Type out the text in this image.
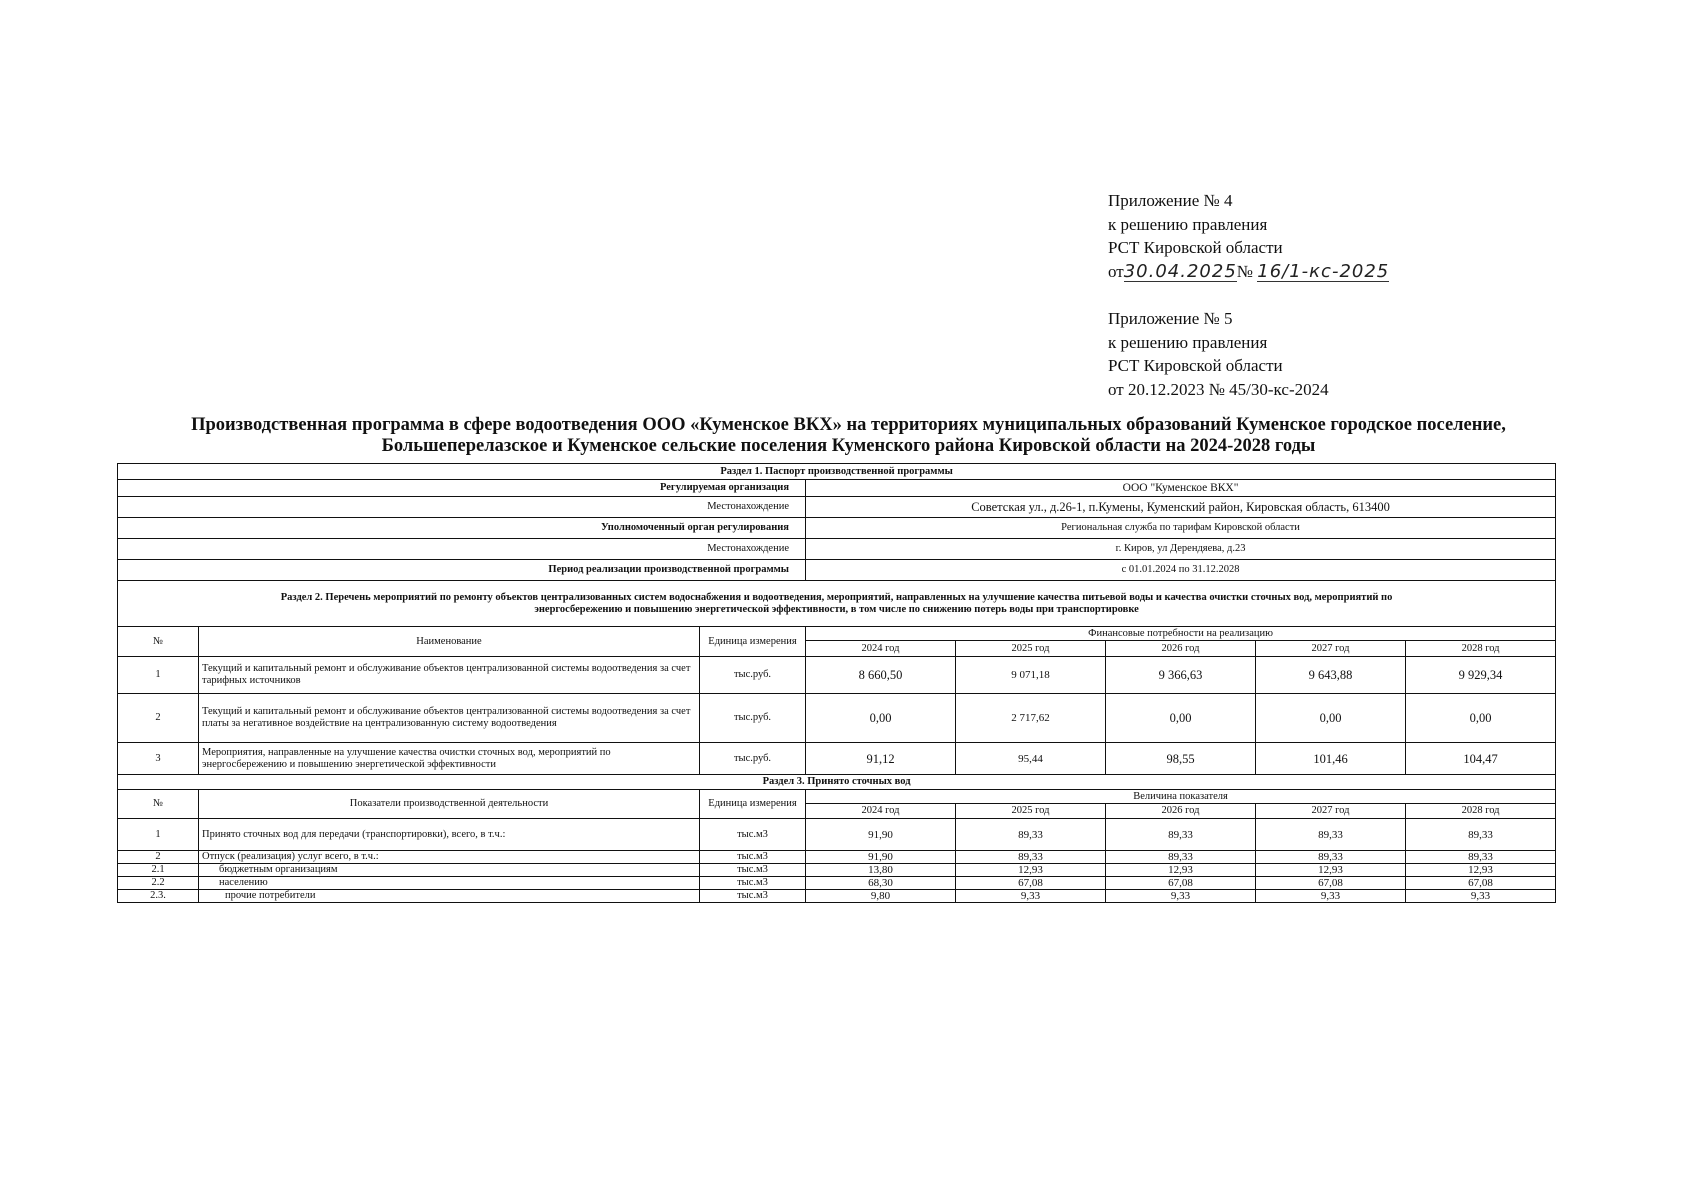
Приложение № 4
к решению правления
РСТ Кировской области
от30.04.2025№ 16/1-кс-2025
Приложение № 5
к решению правления
РСТ Кировской области
от 20.12.2023 № 45/30-кс-2024
Производственная программа в сфере водоотведения ООО «Куменское ВКХ» на территориях муниципальных образований Куменское городское поселение,
Большеперелазское и Куменское сельские поселения Куменского района Кировской области на 2024-2028 годы
Раздел 1. Паспорт производственной программы							
Регулируемая организация			ООО "Куменское ВКХ"				
Местонахождение			Советская ул., д.26-1, п.Кумены, Куменский район, Кировская область, 613400				
Уполномоченный орган регулирования			Региональная служба по тарифам Кировской области				
Местонахождение			г. Киров, ул Дерендяева, д.23				
Период реализации производственной программы			с 01.01.2024 по 31.12.2028				

Раздел 2. Перечень мероприятий по ремонту объектов централизованных систем водоснабжения и водоотведения, мероприятий, направленных на улучшение качества питьевой воды и качества очистки сточных вод, мероприятий по
энергосбережению и повышению энергетической эффективности, в том числе по снижению потерь воды при транспортировке							

№	Наименование	Единица измерения	Финансовые потребности на реализацию				
			2024 год	2025 год	2026 год	2027 год	2028 год
1	Текущий и капитальный ремонт и обслуживание объектов централизованной системы водоотведения за счет тарифных источников	тыс.руб.	8 660,50	9 071,18	9 366,63	9 643,88	9 929,34
2	Текущий и капитальный ремонт и обслуживание объектов централизованной системы водоотведения за счет платы за негативное воздействие на централизованную систему водоотведения	тыс.руб.	0,00	2 717,62	0,00	0,00	0,00
3	Мероприятия, направленные на улучшение качества очистки сточных вод, мероприятий по энергосбережению и повышению энергетической эффективности	тыс.руб.	91,12	95,44	98,55	101,46	104,47
Раздел 3. Принято сточных вод							
№	Показатели производственной деятельности	Единица измерения	Величина показателя				
			2024 год	2025 год	2026 год	2027 год	2028 год
1	Принято сточных вод для передачи (транспортировки), всего, в т.ч.:	тыс.м3	91,90	89,33	89,33	89,33	89,33
2	Отпуск (реализация) услуг всего, в т.ч.:	тыс.м3	91,90	89,33	89,33	89,33	89,33
2.1	бюджетным организациям	тыс.м3	13,80	12,93	12,93	12,93	12,93
2.2	населению	тыс.м3	68,30	67,08	67,08	67,08	67,08
2.3.	прочие потребители	тыс.м3	9,80	9,33	9,33	9,33	9,33
